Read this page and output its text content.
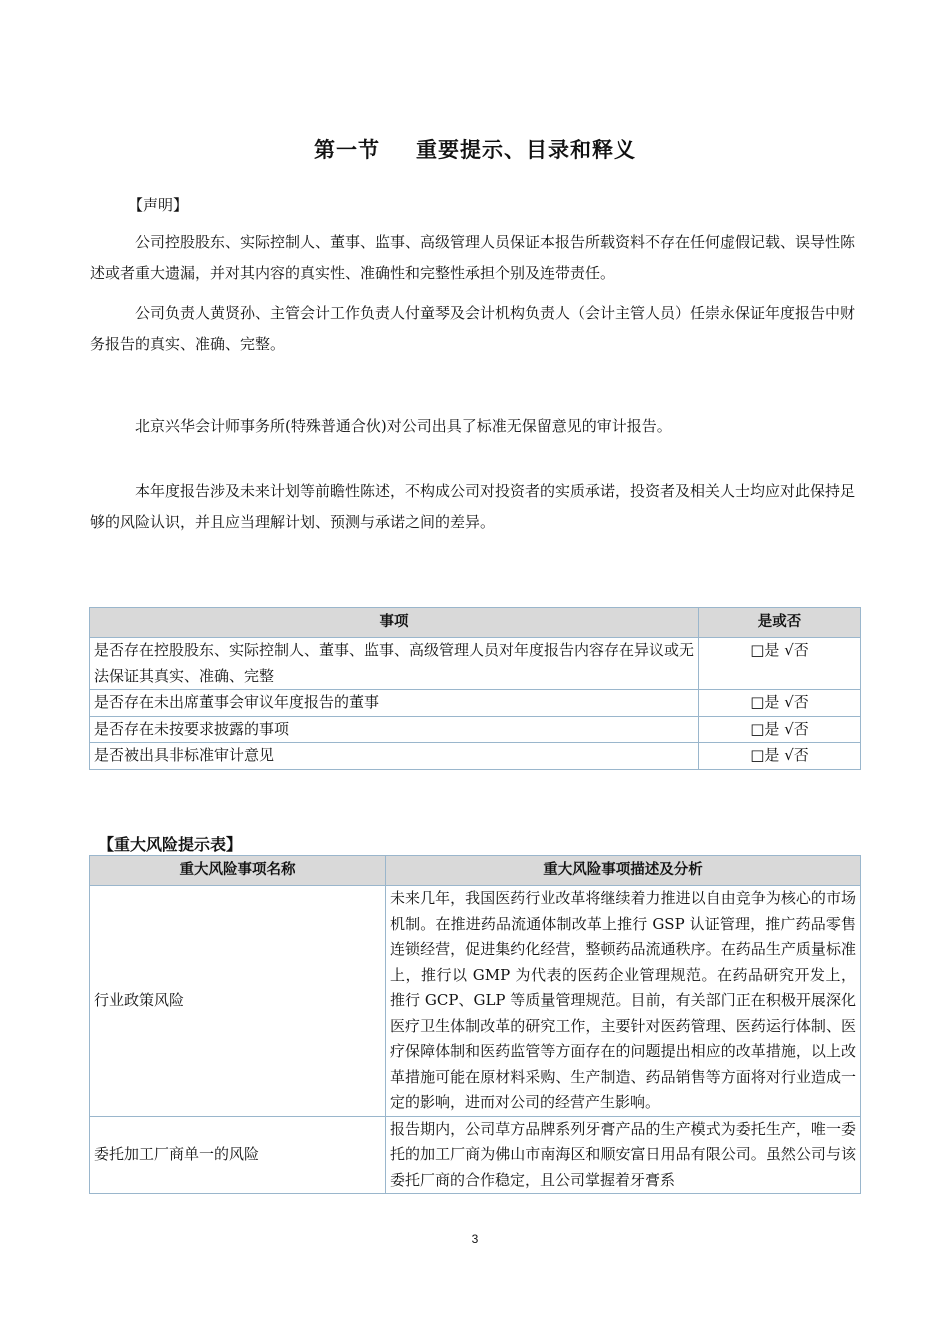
第一节 重要提示、目录和释义
【声明】
公司控股股东、实际控制人、董事、监事、高级管理人员保证本报告所载资料不存在任何虚假记载、误导性陈述或者重大遗漏，并对其内容的真实性、准确性和完整性承担个别及连带责任。
公司负责人黄贤孙、主管会计工作负责人付童琴及会计机构负责人（会计主管人员）任崇永保证年度报告中财务报告的真实、准确、完整。
北京兴华会计师事务所(特殊普通合伙)对公司出具了标准无保留意见的审计报告。
本年度报告涉及未来计划等前瞻性陈述，不构成公司对投资者的实质承诺，投资者及相关人士均应对此保持足够的风险认识，并且应当理解计划、预测与承诺之间的差异。
事项	是或否
是否存在控股股东、实际控制人、董事、监事、高级管理人员对年度报告内容存在异议或无法保证其真实、准确、完整	□是 √否
是否存在未出席董事会审议年度报告的董事	□是 √否
是否存在未按要求披露的事项	□是 √否
是否被出具非标准审计意见	□是 √否
【重大风险提示表】
重大风险事项名称	重大风险事项描述及分析
行业政策风险	未来几年，我国医药行业改革将继续着力推进以自由竞争为核心的市场机制。在推进药品流通体制改革上推行 GSP 认证管理，推广药品零售连锁经营，促进集约化经营，整顿药品流通秩序。在药品生产质量标准上，推行以 GMP 为代表的医药企业管理规范。在药品研究开发上，推行 GCP、GLP 等质量管理规范。目前，有关部门正在积极开展深化医疗卫生体制改革的研究工作，主要针对医药管理、医药运行体制、医疗保障体制和医药监管等方面存在的问题提出相应的改革措施，以上改革措施可能在原材料采购、生产制造、药品销售等方面将对行业造成一定的影响，进而对公司的经营产生影响。
委托加工厂商单一的风险	报告期内，公司草方品牌系列牙膏产品的生产模式为委托生产，唯一委托的加工厂商为佛山市南海区和顺安富日用品有限公司。虽然公司与该委托厂商的合作稳定，且公司掌握着牙膏系
3
